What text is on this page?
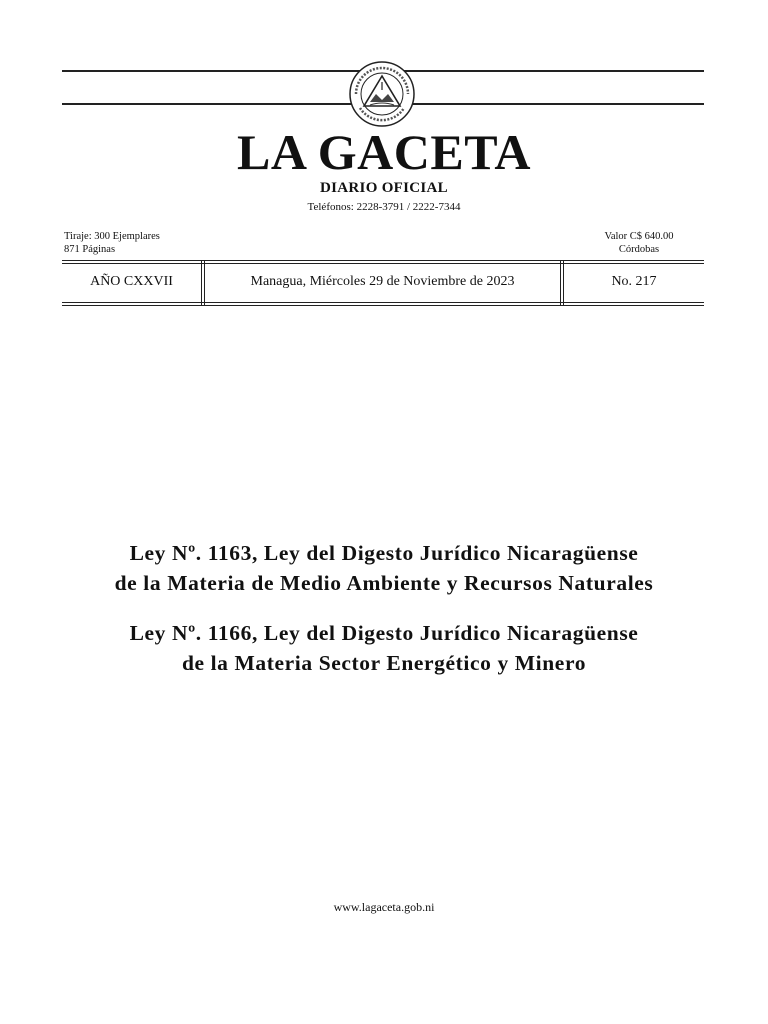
LA GACETA
DIARIO OFICIAL
Teléfonos: 2228-3791 / 2222-7344
Tiraje: 300 Ejemplares
871 Páginas
Valor C$ 640.00
Córdobas
AÑO CXXVII	Managua, Miércoles 29 de Noviembre de 2023	No. 217
Ley Nº. 1163, Ley del Digesto Jurídico Nicaragüense
de la Materia de Medio Ambiente y Recursos Naturales
Ley Nº. 1166, Ley del Digesto Jurídico Nicaragüense
de la Materia Sector Energético y Minero
www.lagaceta.gob.ni
